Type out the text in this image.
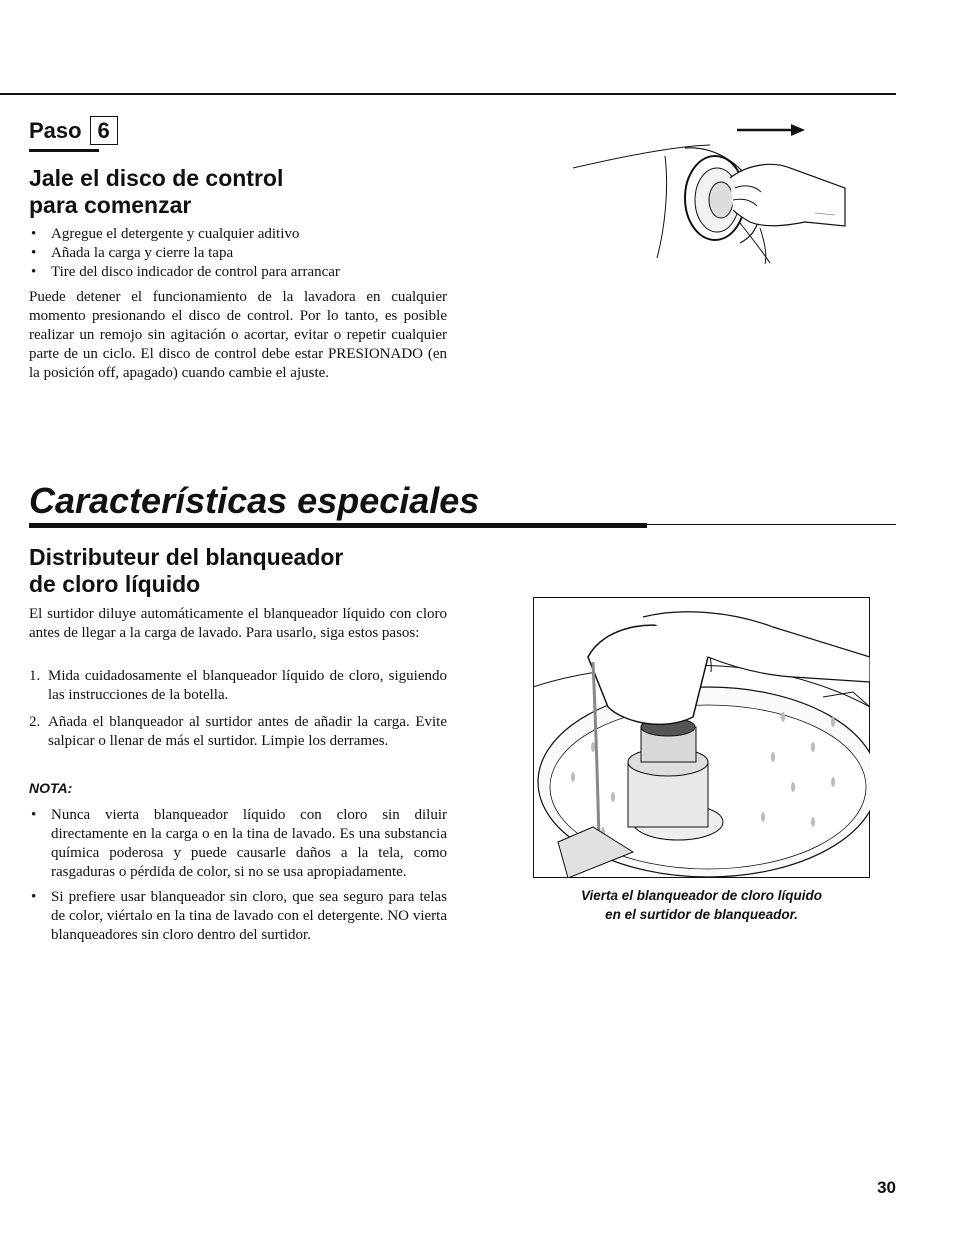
Paso 6
Jale el disco de control
para comenzar
• Agregue el detergente y cualquier aditivo
• Añada la carga y cierre la tapa
• Tire del disco indicador de control para arrancar

Puede detener el funcionamiento de la lavadora en cualquier momento presionando el disco de control. Por lo tanto, es posible realizar un remojo sin agitación o acortar, evitar o repetir cualquier parte de un ciclo. El disco de control debe estar PRESIONADO (en la posición off, apagado) cuando cambie el ajuste.

Características especiales
Distributeur del blanqueador
de cloro líquido

El surtidor diluye automáticamente el blanqueador líquido con cloro antes de llegar a la carga de lavado. Para usarlo, siga estos pasos:

1. Mida cuidadosamente el blanqueador líquido de cloro, siguiendo las instrucciones de la botella.
2. Añada el blanqueador al surtidor antes de añadir la carga. Evite salpicar o llenar de más el surtidor. Limpie los derrames.
NOTA:
• Nunca vierta blanqueador líquido con cloro sin diluir directamente en la carga o en la tina de lavado. Es una substancia química poderosa y puede causarle daños a la tela, como rasgaduras o pérdida de color, si no se usa apropiadamente.
• Si prefiere usar blanqueador sin cloro, que sea seguro para telas de color, viértalo en la tina de lavado con el detergente. NO vierta blanqueadores sin cloro dentro del surtidor.
Vierta el blanqueador de cloro líquido
en el surtidor de blanqueador.
30
